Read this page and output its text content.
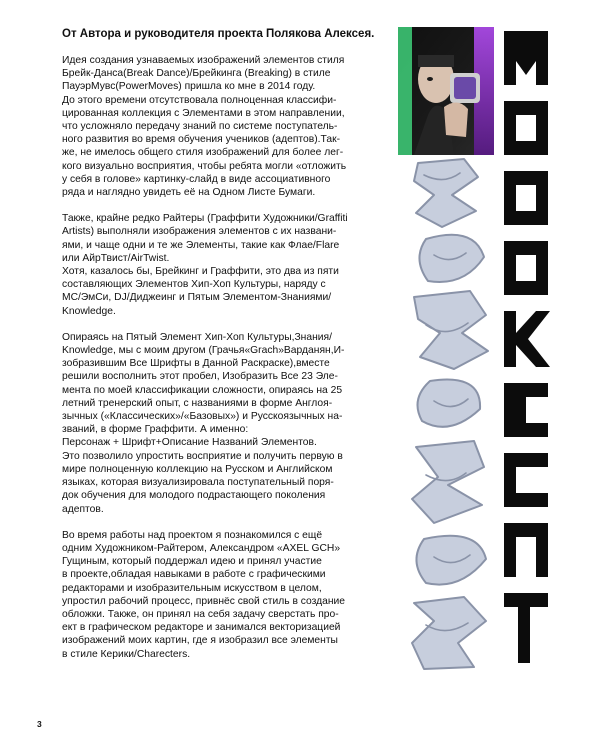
От Автора и руководителя проекта Полякова Алексея.
Идея создания узнаваемых изображений элементов стиля
Брейк-Данса(Break Dance)/Брейкинга (Breaking) в стиле
ПауэрМувс(PowerMoves) пришла ко мне в 2014 году.
До этого времени отсутствовала полноценная классифи-
цированная коллекция с Элементами в этом направлении,
что усложняло передачу знаний по системе поступатель-
ного развития во время обучения учеников (адептов).Так-
же, не имелось общего стиля изображений для более лег-
кого визуально восприятия, чтобы ребята могли «отложить
у себя в голове» картинку-слайд в виде ассоциативного
ряда и наглядно увидеть её на Одном Листе Бумаги.
Также, крайне редко Райтеры (Граффити Художники/Graffiti
Artists) выполняли изображения элементов с их названи-
ями, и чаще одни и те же Элементы, такие как Флае/Flare
или АйрТвист/AirTwist.
Хотя, казалось бы, Брейкинг и Граффити, это два из пяти
составляющих Элементов Хип-Хоп Культуры, наряду с
MC/ЭмСи, DJ/Диджеинг и Пятым Элементом-Знаниями/
Knowledge.
Опираясь на Пятый Элемент Хип-Хоп Культуры,Знания/
Knowledge, мы с моим другом (Грачья«Grach»Варданян,И-
зобразившим Все Шрифты в Данной Раскраске),вместе
решили восполнить этот пробел, Изобразить Все 23 Эле-
мента по моей классификации сложности, опираясь на 25
летний тренерский опыт, с названиями в форме Англоя-
зычных («Классических»/«Базовых») и Русскоязычных на-
званий, в форме Граффити. А именно:
Персонаж + Шрифт+Описание Названий Элементов.
Это позволило упростить восприятие и получить первую в
мире полноценную коллекцию на Русском и Английском
языках, которая визуализировала поступательный поря-
док обучения для молодого подрастающего поколения
адептов.
Во время работы над проектом я познакомился с ещё
одним Художником-Райтером, Александром «AXEL GCH»
Гущиным, который поддержал идею и принял участие
в проекте,обладая навыками в работе с графическими
редакторами и изобразительным искусством в целом,
упростил рабочий процесс, привнёс свой стиль в создание
обложки. Также, он принял на себя задачу сверстать про-
ект в графическом редакторе и занимался векторизацией
изображений моих картин, где я изобразил все элементы
в стиле Керики/Charecters.
3
